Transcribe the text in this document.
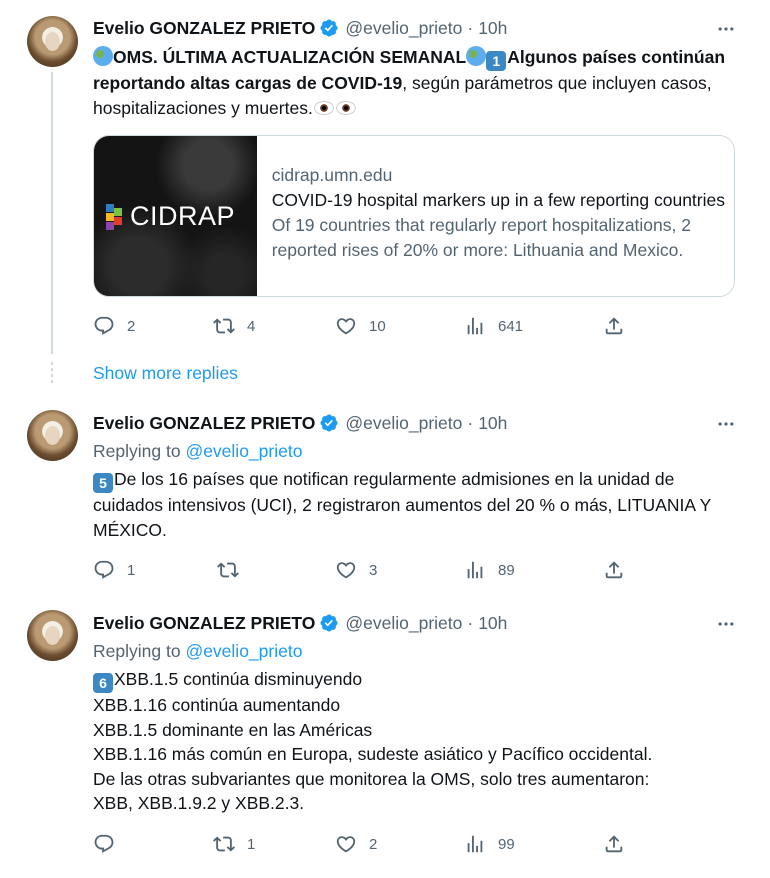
Evelio GONZALEZ PRIETO @evelio_prieto · 10h
OMS. ÚLTIMA ACTUALIZACIÓN SEMANAL 1 Algunos países continúan reportando altas cargas de COVID-19, según parámetros que incluyen casos, hospitalizaciones y muertes.
CIDRAP
cidrap.umn.edu
COVID-19 hospital markers up in a few reporting countries
Of 19 countries that regularly report hospitalizations, 2 reported rises of 20% or more: Lithuania and Mexico.
2	4	10	641
Show more replies
Evelio GONZALEZ PRIETO @evelio_prieto · 10h
Replying to @evelio_prieto
5 De los 16 países que notifican regularmente admisiones en la unidad de cuidados intensivos (UCI), 2 registraron aumentos del 20 % o más, LITUANIA Y MÉXICO.
1	3	89
Evelio GONZALEZ PRIETO @evelio_prieto · 10h
Replying to @evelio_prieto
6 XBB.1.5 continúa disminuyendo
XBB.1.16 continúa aumentando
XBB.1.5 dominante en las Américas
XBB.1.16 más común en Europa, sudeste asiático y Pacífico occidental.
De las otras subvariantes que monitorea la OMS, solo tres aumentaron:
XBB, XBB.1.9.2 y XBB.2.3.
1	2	99
